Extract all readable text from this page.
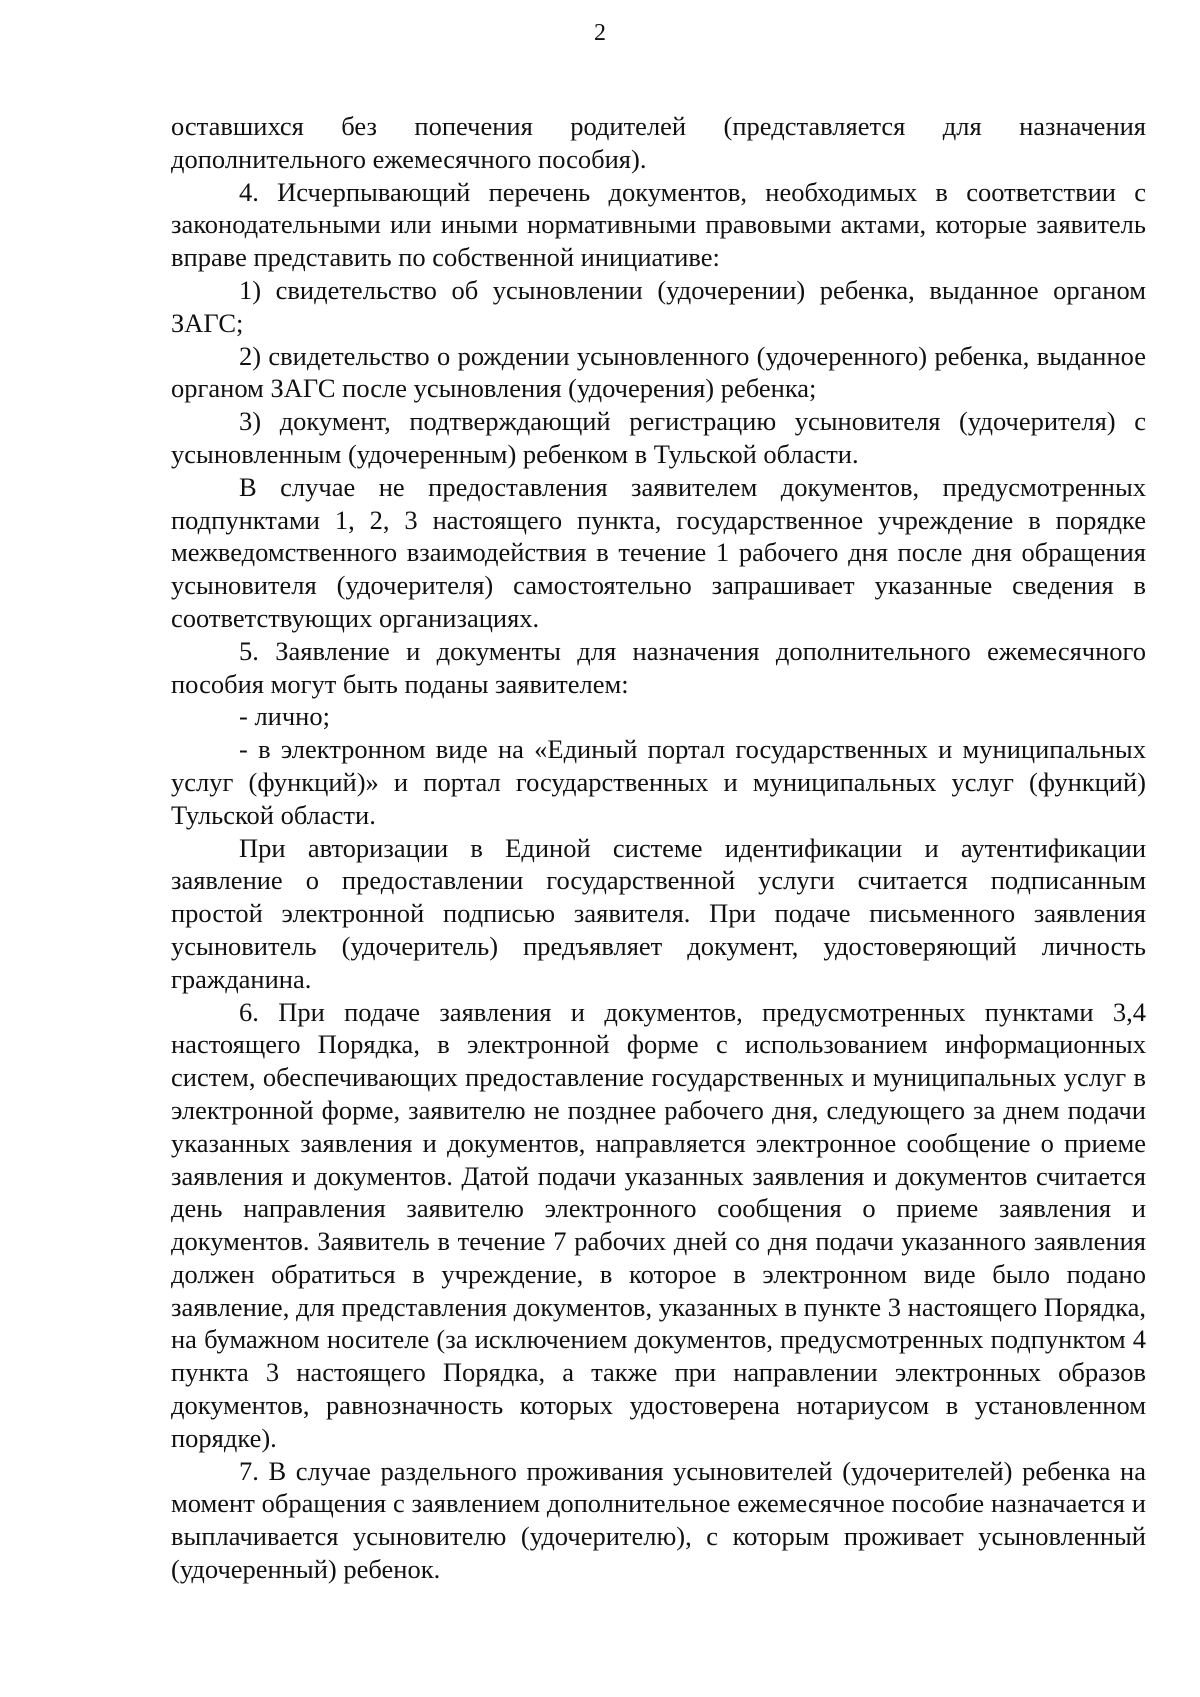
2

оставшихся без попечения родителей (представляется для назначения дополнительного ежемесячного пособия).

4. Исчерпывающий перечень документов, необходимых в соответствии с законодательными или иными нормативными правовыми актами, которые заявитель вправе представить по собственной инициативе:

1) свидетельство об усыновлении (удочерении) ребенка, выданное органом ЗАГС;

2) свидетельство о рождении усыновленного (удочеренного) ребенка, выданное органом ЗАГС после усыновления (удочерения) ребенка;

3) документ, подтверждающий регистрацию усыновителя (удочерителя) с усыновленным (удочеренным) ребенком в Тульской области.

В случае не предоставления заявителем документов, предусмотренных подпунктами 1, 2, 3 настоящего пункта, государственное учреждение в порядке межведомственного взаимодействия в течение 1 рабочего дня после дня обращения усыновителя (удочерителя) самостоятельно запрашивает указанные сведения в соответствующих организациях.

5. Заявление и документы для назначения дополнительного ежемесячного пособия могут быть поданы заявителем:

- лично;

- в электронном виде на «Единый портал государственных и муниципальных услуг (функций)» и портал государственных и муниципальных услуг (функций) Тульской области.

При авторизации в Единой системе идентификации и аутентификации заявление о предоставлении государственной услуги считается подписанным простой электронной подписью заявителя. При подаче письменного заявления усыновитель (удочеритель) предъявляет документ, удостоверяющий личность гражданина.

6. При подаче заявления и документов, предусмотренных пунктами 3,4 настоящего Порядка, в электронной форме с использованием информационных систем, обеспечивающих предоставление государственных и муниципальных услуг в электронной форме, заявителю не позднее рабочего дня, следующего за днем подачи указанных заявления и документов, направляется электронное сообщение о приеме заявления и документов. Датой подачи указанных заявления и документов считается день направления заявителю электронного сообщения о приеме заявления и документов. Заявитель в течение 7 рабочих дней со дня подачи указанного заявления должен обратиться в учреждение, в которое в электронном виде было подано заявление, для представления документов, указанных в пункте 3 настоящего Порядка, на бумажном носителе (за исключением документов, предусмотренных подпунктом 4 пункта 3 настоящего Порядка, а также при направлении электронных образов документов, равнозначность которых удостоверена нотариусом в установленном порядке).

7. В случае раздельного проживания усыновителей (удочерителей) ребенка на момент обращения с заявлением дополнительное ежемесячное пособие назначается и выплачивается усыновителю (удочерителю), с которым проживает усыновленный (удочеренный) ребенок.
